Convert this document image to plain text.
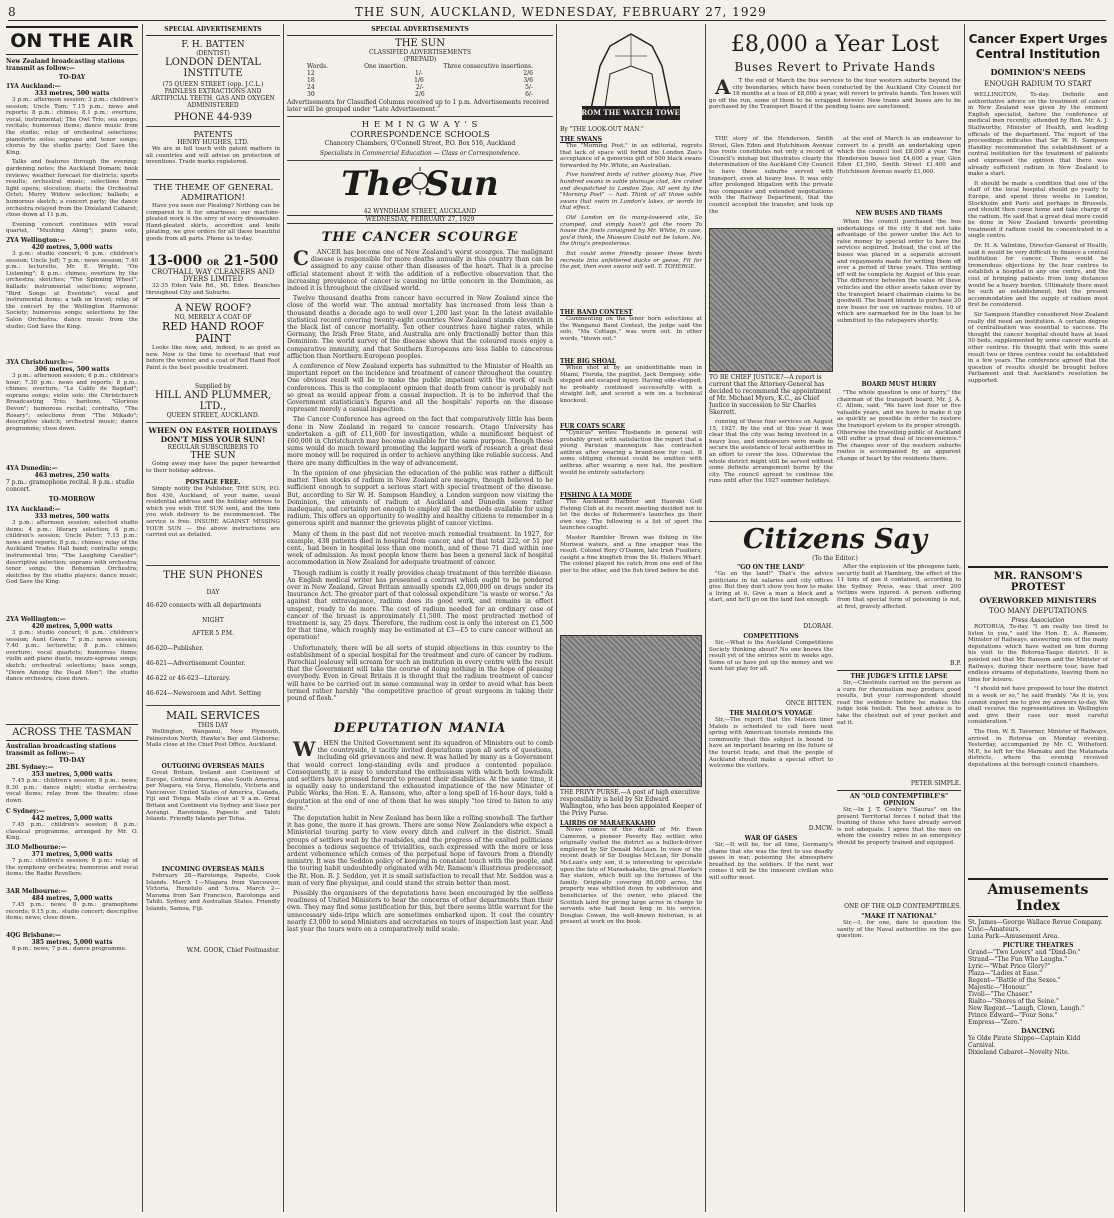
8	THE SUN, AUCKLAND, WEDNESDAY, FEBRUARY 27, 1929
ON THE AIR
New Zealand broadcasting stations transmit as follow:—
TO-DAY
1YA Auckland:—
333 metres, 500 watts

3 p.m.: afternoon session; 3 p.m.: children's session; Uncle Tom; 7.15 p.m.: news and reports; 8 p.m.: chimes; 8.1 p.m.: overture, vocal, instrumental; The Owl Trio; sea songs; recitals; humorous items; dance music from the studio; relay of orchestral selections; pianoforte solos; soprano and tenor songs; chorus by the studio party; God Save the King.

Talks and features through the evening: gardening notes; the Auckland Domain; book reviews; weather forecast for districts; sports results; orchestral music; selections from light opera; elocution; duets; the Orchestral Octet; Merry Widow selection; ballads; a humorous sketch; a concert party; the dance orchestra relayed from the Dixieland Cabaret; close down at 11 p.m.

Evening concert continues with vocal quartet, "Mushing Along"; piano solo,

2YA Wellington:—
420 metres, 5,000 watts

3 p.m.: studio concert; 6 p.m.: children's session; Uncle Jeff; 7 p.m.: news session; 7.40 p.m.: lecturette, Mr. E. Wright, "On Listening"; 8 p.m.: chimes; overture by the orchestra; sketches; "The Spinning Wheel"; ballads; instrumental selections; soprano, "Bird Songs at Eventide"; vocal and instrumental items; a talk on travel; relay of the concert by the Wellington Harmonic Society; humorous songs; selections by the Salon Orchestra; dance music from the studio; God Save the King.

3YA Christchurch:—
306 metres, 500 watts

3 p.m.: afternoon session; 6 p.m.: children's hour; 7.30 p.m.: news and reports; 8 p.m.: chimes; overture, "Le Calife de Bagdad"; soprano songs; violin solo; the Christchurch Broadcasting Trio; baritone, "Glorious Devon"; humorous recital; contralto, "The Rosary"; selections from "The Mikado"; descriptive sketch; orchestral music; dance programme; close down.

4YA Dunedin:—
463 metres, 250 watts
7 p.m.: gramophone recital. 8 p.m.: studio concert.
TO-MORROW
1YA Auckland:—
333 metres, 500 watts

3 p.m.: afternoon session; selected studio items; 4 p.m.: literary selection; 6 p.m.: children's session; Uncle Peter; 7.15 p.m.: news and reports; 8 p.m.: chimes; relay of the Auckland Trades Hall band; contralto songs; instrumental trio; "The Laughing Cavalier"; descriptive selection; soprano with orchestra; tenor songs; the Bohemian Orchestra; sketches by the studio players; dance music; God Save the King.

2YA Wellington:—
420 metres, 5,000 watts

3 p.m.: studio concert; 6 p.m.: children's session; Aunt Gwen; 7 p.m.: news session; 7.40 p.m.: lecturette; 8 p.m.: chimes; overture; vocal quartets; humorous items; violin and piano duets; mezzo-soprano songs; sketch; orchestral selections; bass songs, "Down Among the Dead Men"; the studio dance orchestra; close down.

ACROSS THE TASMAN
Australian broadcasting stations transmit as follow:—
TO-DAY
2BL Sydney:—
353 metres, 5,000 watts

7.45 p.m.: children's session; 8 p.m.: news; 8.30 p.m.: dance night; studio orchestra; vocal items; relay from the theatre; close down.

C Sydney:—
442 metres, 5,000 watts

7.45 p.m.: children's session; 8 p.m.: classical programme, arranged by Mr. O. King.

3LO Melbourne:—
371 metres, 5,000 watts

7 p.m.: children's session; 8 p.m.: relay of the symphony orchestra; humorous and vocal items; the Radio Revellers.

3AR Melbourne:—
484 metres, 5,000 watts

7.45 p.m.: news; 8 p.m.: gramophone records; 9.15 p.m.: studio concert; descriptive items; news; close down.

4QG Brisbane:—
385 metres, 5,000 watts

8 p.m.: news; 7 p.m.: dance programme.

SPECIAL ADVERTISEMENTS
F. H. BATTEN
(DENTIST)
LONDON DENTAL INSTITUTE
(75 QUEEN STREET (opp. J.C.L.) PAINLESS EXTRACTIONS AND ARTIFICIAL TEETH. GAS AND OXYGEN ADMINISTERED
PHONE 44-939
PATENTS
HENRY HUGHES, LTD.

We are in full touch with patent matters in all countries and will advise on protection of inventions. Trade marks registered.

THE THEME OF GENERAL ADMIRATION!

Have you seen our Pleating? Nothing can be compared to it for smartness; our machine-pleated work is the envy of every dressmaker. Hand-pleated skirts, accordion and knife pleating, we give orders for all these beautiful goods from all parts. Phone us to-day.

13-000 OR 21-500
CROTHALL WAY CLEANERS AND DYERS LIMITED

32-35 Eden Vale Rd., Mt. Eden. Branches throughout City and Suburbs.

A NEW ROOF?
NO, MERELY A COAT OF
RED HAND ROOF PAINT

Looks like new, and, indeed, is as good as new. Now is the time to overhaul that roof before the winter, and a coat of Red Hand Roof Paint is the best possible treatment.

Supplied by
HILL AND PLUMMER, LTD.,
QUEEN STREET, AUCKLAND.
WHEN ON EASTER HOLIDAYS DON'T MISS YOUR SUN!
REGULAR SUBSCRIBERS TO
THE SUN

Going away may have the paper forwarded to their holiday address.

POSTAGE FREE.

Simply notify the Publisher, THE SUN, P.O. Box 436, Auckland, of your name, usual residential address and the holiday address to which you wish THE SUN sent, and the time you wish delivery to be recommenced. The service is free. INSURE AGAINST MISSING YOUR SUN — the above instructions are carried out as detailed.

THE SUN PHONES
DAY
46-620 connects with all departments
NIGHT
AFTER 5 P.M.
46-620—Publisher.
46-621—Advertisement Counter.
46-622 or 46-623—Literary.
46-624—Newsroom and Advt. Setting
MAIL SERVICES
THIS DAY

Wellington, Wanganui, New Plymouth, Palmerston North, Hawke's Bay and Gisborne; Mails close at the Chief Post Office, Auckland.

OUTGOING OVERSEAS MAILS

Great Britain, Ireland and Continent of Europe, Central America, also South America, per Niagara, via Suva, Honolulu, Victoria and Vancouver. United States of America, Canada, Fiji and Tonga. Mails close at 9 a.m. Great Britain and Continent via Sydney and Suez per Aorangi. Rarotonga, Papeete and Tahiti Islands. Friendly Islands per Tofua.

INCOMING OVERSEAS MAILS

February 28—Rarotonga, Papeete, Cook Islands. March 1—Niagara from Vancouver, Victoria, Honolulu and Suva. March 2—Marama from San Francisco, Rarotonga and Tahiti. Sydney and Australian States. Friendly Islands, Samoa, Fiji.

W.M. GOOK, Chief Postmaster.
SPECIAL ADVERTISEMENTS
THE SUN
CLASSIFIED ADVERTISEMENTS
(PREPAID)
Words.	One insertion.	Three consecutive insertions.
12	1/-	2/6
18	1/6	3/6
24	2/-	5/-
30	2/6	6/-
Advertisements for Classified Columns received up to 1 p.m. Advertisements received later will be grouped under "Late Advertisement."
H E M I N G W A Y ' S
CORRESPONDENCE SCHOOLS
Chancery Chambers, O'Connell Street, P.O. Box 516, Auckland
Specialists in Commercial Education — Class or Correspondence.
The Sun
42 WYNDHAM STREET, AUCKLAND
WEDNESDAY, FEBRUARY 27, 1929
THE CANCER SCOURGE

C ANCER has become one of New Zealand's worst scourges. The malignant disease is responsible for more deaths annually in this country than can be assigned to any cause other than diseases of the heart. That is a precise official statement about it with the addition of a reflective observation that the increasing prevalence of cancer is causing no little concern in the Dominion, as indeed it is throughout the civilised world.

Twelve thousand deaths from cancer have occurred in New Zealand since the close of the world war. The annual mortality has increased from less than a thousand deaths a decade ago to well over 1,200 last year. In the latest available statistical record covering twenty-eight countries New Zealand stands eleventh in the black list of cancer mortality. Ten other countries have higher rates, while Germany, the Irish Free State, and Australia are only fractionally better than this Dominion. The world survey of the disease shows that the coloured races enjoy a comparative immunity, and that Southern Europeans are less liable to cancerous affliction than Northern European peoples.

A conference of New Zealand experts has submitted to the Minister of Health an important report on the incidence and treatment of cancer throughout the country. One obvious result will be to make the public impatient with the work of such conferences. This is the complacent opinion that death from cancer is probably not so great as would appear from a casual inspection. It is to be inferred that the Government statistician's figures and all the hospitals' reports on the disease represent merely a casual inspection.

The Cancer Conference has agreed on the fact that comparatively little has been done in New Zealand in regard to cancer research. Otago University has undertaken a gift of £11,600 for investigation, while a munificent bequest of £60,000 in Christchurch may become available for the same purpose. Though these sums would do much toward promoting the laggard work of research a great deal more money will be required in order to achieve anything like reliable success. And there are many difficulties in the way of advancement.

In the opinion of one physician the education of the public was rather a difficult matter. Then stocks of radium in New Zealand are meagre, though believed to be sufficient enough to support a serious start with special treatment of the disease. But, according to Sir W. H. Sampson Handley, a London surgeon now visiting the Dominion, the amounts of radium at Auckland and Dunedin seem rather inadequate, and certainly not enough to employ all the methods available for using radium. This offers an opportunity to wealthy and healthy citizens to remember in a generous spirit and manner the grievous plight of cancer victims.

Many of them in the past did not receive much remedial treatment. In 1927, for example, 438 patients died in hospital from cancer, and of that total 222, or 51 per cent., had been in hospital less than one month, and of these 71 died within one week of admission. As most people know there has been a general lack of hospital accommodation in New Zealand for adequate treatment of cancer.

Though radium is costly it really provides cheap treatment of this terrible disease. An English medical writer has presented a contrast which ought to be pondered over in New Zealand. Great Britain annually spends £2,000,000 on drugs under its Insurance Act. The greater part of that colossal expenditure "is waste or worse." As against that extravagance, radium does its good work, and remains in effect unspent, ready to do more. The cost of radium needed for an ordinary case of cancer of the breast is approximately £1,500. The most protracted method of treatment is, say, 25 days. Therefore, the radium cost is only the interest on £1,500 for that time, which roughly may be estimated at £3—£5 to cure cancer without an operation!

Unfortunately, there will be all sorts of stupid objections in this country to the establishment of a special hospital for the treatment and cure of cancer by radium. Parochial jealousy will scream for such an institution in every centre with the result that the Government will take the course of doing nothing in the hope of pleasing everybody. Even in Great Britain it is thought that the radium treatment of cancer will have to be carried out in some communal way in order to avoid what has been termed rather harshly "the competitive practice of great surgeons in taking their pound of flesh."

DEPUTATION MANIA

W HEN the United Government sent its squadron of Ministers out to comb the countryside, it tacitly invited deputations upon all sorts of questions, including old grievances and new. It was hailed by many as a Government that would correct long-standing evils and produce a contented populace. Consequently, it is easy to understand the enthusiasm with which both townsfolk and settlers have pressed forward to present their disabilities. At the same time, it is equally easy to understand the exhausted impatience of the new Minister of Public Works, the Hon. E. A. Ransom, who, after a long spell of 16-hour days, told a deputation at the end of one of them that he was simply "too tired to listen to any more."

The deputation habit in New Zealand has been like a rolling snowball. The farther it has gone, the more it has grown. There are some New Zealanders who expect a Ministerial touring party to view every ditch and culvert in the district. Small groups of settlers wait by the roadsides, and the progress of the exalted politicians becomes a tedious sequence of trivialities, each expressed with the more or less ardent vehemence which comes of the perpetual hope of favours from a friendly ministry. It was the Seddon policy of keeping in constant touch with the people, and the touring habit undoubtedly originated with Mr. Ransom's illustrious predecessor, the Rt. Hon. R. J. Seddon, yet it is small satisfaction to recall that Mr. Seddon was a man of very fine physique, and could stand the strain better than most.

Possibly the organisers of the deputations have been encouraged by the selfless readiness of United Ministers to hear the concerns of other departments than their own. They may find some justification for this, but there seems little warrant for the unnecessary side-trips which are sometimes embarked upon. It cost the country nearly £3,000 to send Ministers and secretaries on tours of inspection last year. And last year the tours were on a comparatively mild scale.

FROM THE WATCH TOWER
By "THE LOOK-OUT MAN."
THE SWANS

The "Morning Post," in an editorial, regrets that lack of space will forbid the London Zoo's acceptance of a generous gift of 500 black swans forwarded by Mr. White, an Australian.

Five hundred birds of rather gloomy hue, Five hundred swans in sable plumage clad, Are crated and despatched to London Zoo, All sent by the "Morning Post" — had. Think of all those sable swans that swim in London's lakes, or words to that effect.

Old London on its many-towered site, So cramped, and simply hasn't got the room To house the fowls consigned by Mr. White, In case, you'd think, the Museum Could not be taken. No, the thing's preposterous.

But could some friendly power these birds recreate Into unfettered ducks or geese, Fit for the pot, then even swans will sell. T. TOHERGE.

THE BAND CONTEST

Commenting on the tenor horn selections at the Wanganui Band Contest, the judge said the solo, "Ma Cottage," was worn out. In other words, "blown out."

THE BIG SHOAL

When shot at by an unidentifiable man in Miami, Florida, the pugilist, Jack Dempsey, side-stepped and escaped injury. Having side-stepped, he probably continued successfully with a straight left, and scored a win on a technical knockout.

FUR COATS SCARE

"Cynicus" writes: Husbands in general will probably greet with satisfaction the report that a young Parisian mannequin has contracted anthrax after wearing a brand-new fur coat. If some obliging chemist could be smitten with anthrax after wearing a new hat, the position would be entirely satisfactory.

FISHING À LA MODE

The Auckland Harbour and Hauraki Gulf Fishing Club at its recent meeting decided not to let the decks of fishermen's launches go their own way. The following is a list of sport the launches caught.

Master Rambler Brown was fishing in the Muriwai waters, and a fine snapper was the result. Colonel Rory O'Damm, late Irish Fusiliers, caught a fine kingfish from the St. Heliers Wharf. The colonel played his catch from one end of the pier to the other, and the fish tired before he did.

THE PRIVY PURSE.—A post of high executive responsibility is held by Sir Edward Wallington, who has been appointed Keeper of the Privy Purse.
LAIRDS OF MARAEKAKAHO

News comes of the death of Mr. Ewen Cameron, a pioneer Poverty Bay settler, who originally visited the district as a bullock-driver employed by Sir Donald McLean. In view of the recent death of Sir Douglas McLean, Sir Donald McLean's only son, it is interesting to speculate upon the fate of Maraekakaho, the great Hawke's Bay station, which built up the fortunes of the family. Originally covering 80,000 acres, the property was whittled down by subdivision and beneficiaries of the owner, who placed the Scottish laird for giving large acres in charge to servants who had been long in his service. Douglas Cowan, the well-known historian, is at present at work on the book.

£8,000 a Year Lost
Buses Revert to Private Hands

A T the end of March the bus services to the four western suburbs beyond the city boundaries, which have been conducted by the Auckland City Council for 18 months at a loss of £8,000 a year, will revert to private hands. Ten buses will go off the run, some of them to be scrapped forever. New trams and buses are to be purchased by the Transport Board if the pending loans are sanctioned.

THE story of the Henderson, Smith Street, Glen Eden and Hutchinson Avenue bus route constitutes not only a record of Council's mishap but illustrates clearly the determination of the Auckland City Council to have these suburbs served with transport, even at heavy loss. It was only after prolonged litigation with the private bus companies and extended negotiations with the Railway Department, that the council accepted the transfer, and took up the

TO BE CHIEF JUSTICE?—A report is current that the Attorney-General has decided to recommend the appointment of Mr. Michael Myers, K.C., as Chief Justice in succession to Sir Charles Skerrett.

running of these four services on August 15, 1927. By the end of this year it was clear that the city was being involved in a heavy loss, and endeavours were made to secure the assistance of local authorities in an effort to cover the loss. Otherwise the whole district might still be served without some definite arrangement borne by the city. The council agreed to continue the runs until after the 1927 summer holidays.

at the end of March is an endeavour to convert to a profit an undertaking upon which the council lost £8,000 a year. The Henderson buses lost £4,600 a year, Glen Eden £1,500, Smith Street £1,400 and Hutchinson Avenue nearly £1,000.

NEW BUSES AND TRAMS

When the council purchased the bus undertakings of the city it did not take advantage of the power under the Act to raise money by special order to have the services acquired. Instead, the cost of the buses was placed in a separate account and repayments made for writing them off over a period of three years. This writing off will be complete by August of this year. The difference between the value of these vehicles and the other assets taken over by the transport board chairman claims to be goodwill. The board intends to purchase 20 new buses for use on various routes, 10 of which are earmarked for in the loan to be submitted to the ratepayers shortly.

BOARD MUST HURRY

"The whole question is one of hurry," the chairman of the transport board, Mr. J. A. C. Allum, said. "We have lost four or five valuable years, and we have to make it up as quickly as possible in order to restore the transport system to its proper strength. Otherwise the travelling public of Auckland will suffer a great deal of inconvenience." The changes over of the western suburbs routes is accompanied by an apparent change of heart by the residents there.

Citizens Say
(To the Editor.)
"GO ON THE LAND"

"Go on the land!" That's the advice politicians in fat salaries and city offices give. But they don't show you how to make a living at it. Give a man a block and a start, and he'll go on the land fast enough.

DLORAH.
COMPETITIONS

Sir,—What is the Auckland Competitions Society thinking about? No one knows the result yet of the entries sent in weeks ago. Some of us have put up the money and we want fair play for all.

ONCE BITTEN.
THE MALOLO'S VOYAGE

Sir,—The report that the Matson liner Malolo is scheduled to call here next spring with American tourists reminds the community that this subject is bound to have an important bearing on the future of the tourist trade, and that the people of Auckland should make a special effort to welcome the visitors.

D.MCW.
WAR OF GASES

Sir,—It will be, for all time, Germany's shame that she was the first to use deadly gases in war, poisoning the atmosphere breathed by the soldiers. If the next war comes it will be the innocent civilian who will suffer most.

After the explosion of the phosgene tank, security built at Hamburg, the effect of the 11 tons of gas it contained, according to the Sydney Press, was that over 200 victims were injured. A person suffering from that special form of poisoning is not, at first, gravely affected.

B.P.
THE JUDGE'S LITTLE LAPSE

Sir,—Chestnuts carried on the person as a cure for rheumatism may produce good results, but your correspondent should read the evidence before he makes the judge look foolish. The best advice is to take the chestnut out of your pocket and eat it.

PETER SIMPLE.
AN "OLD CONTEMPTIBLE'S" OPINION

Sir,—In J. T. Cosby's "Saurus" on the present Territorial forces I noted that the training of those who have already served is not adequate. I agree that the men on whom the country relies in an emergency should be properly trained and equipped.

ONE OF THE OLD CONTEMPTIBLES.
"MAKE IT NATIONAL"

Sir,—I, for one, dare to question the sanity of the Naval authorities on the gas question.

Cancer Expert Urges Central Institution
DOMINION'S NEEDS
ENOUGH RADIUM TO START

WELLINGTON, To-day. Definite and authoritative advice on the treatment of cancer in New Zealand was given by the eminent English specialist, before the conference of medical men recently, attended by Hon. Mr. A. J. Stallworthy, Minister of Health, and leading officials of the department. The report of the proceedings indicates that Sir W. H. Sampson Handley recommended the establishment of a central institution for the treatment of patients and expressed the opinion that there was already sufficient radium in New Zealand to make a start.

It should be made a condition that one of the staff of the local hospital should go yearly to Europe, and spend three weeks in London, Stockholm and Paris and perhaps in Brussels, and should then come home and take charge of the radium. He said that a great deal more could be done in New Zealand towards providing treatment if radium could be concentrated in a single centre.

Dr. H. A. Valintine, Director-General of Health, said it would be very difficult to finance a central institution for cancer. There would be tremendous objections by the four centres to establish a hospital in any one centre, and the cost of bringing patients from long distances would be a heavy burden. Ultimately there must be such an establishment, but the present accommodation and the supply of radium must first be considered.

Sir Sampson Handley considered New Zealand really did need an institution. A certain degree of centralisation was essential to success. He thought the cancer hospital should have at least 50 beds, supplemented by some cancer wards at other centres. He thought that with this same result two or three centres could be established in a few years. The conference agreed that the question of results should be brought before Parliament and that Auckland's resolution be supported.

MR. RANSOM'S PROTEST
OVERWORKED MINISTERS
TOO MANY DEPUTATIONS
Press Association

ROTORUA, To-day. "I am really too tired to listen to you," said the Hon. E. A. Ransom, Minister of Railways, answering one of the many deputations which have waited on him during his visit to the Rotorua-Taupo district. It is pointed out that Mr. Ransom and the Minister of Railways, during their northern tour, have had endless streams of deputations, leaving them no time for leisure.

"I should not have proposed to tour the district in a week or so," he said frankly. "As it is, you cannot expect me to give my answers to-day. We shall receive the representatives in Wellington and give their case our most careful consideration."

The Hon. W. B. Taverner, Minister of Railways, arrived in Rotorua on Monday evening. Yesterday, accompanied by Mr. C. Witheford, M.P., he left for the Mamaku and the Matamata districts, where the evening received deputations at the borough council chambers.

Amusements Index
St. James—George Wallace Revue Company.
Civic—Amateurs.
Luna Park—Amusement Area.
PICTURE THEATRES
Grand—"Two Lovers" and "Dind-Do."
Strand—"The Fun Who Laughs."
Lyric—"What Price Glory?"
Plaza—"Ladies at Ease."
Regent—"Battle of the Sexes."
Majestic—"Honour."
Tivoli—"The Chaser."
Rialto—"Shores of the Seine."
New Regent—"Laugh, Clown, Laugh."
Prince Edward—"Four Sons."
Empress—"Zero."
DANCING
Ye Olde Pirate Shippe—Captain Kidd Carnival.
Dixieland Cabaret—Novelty Nite.
